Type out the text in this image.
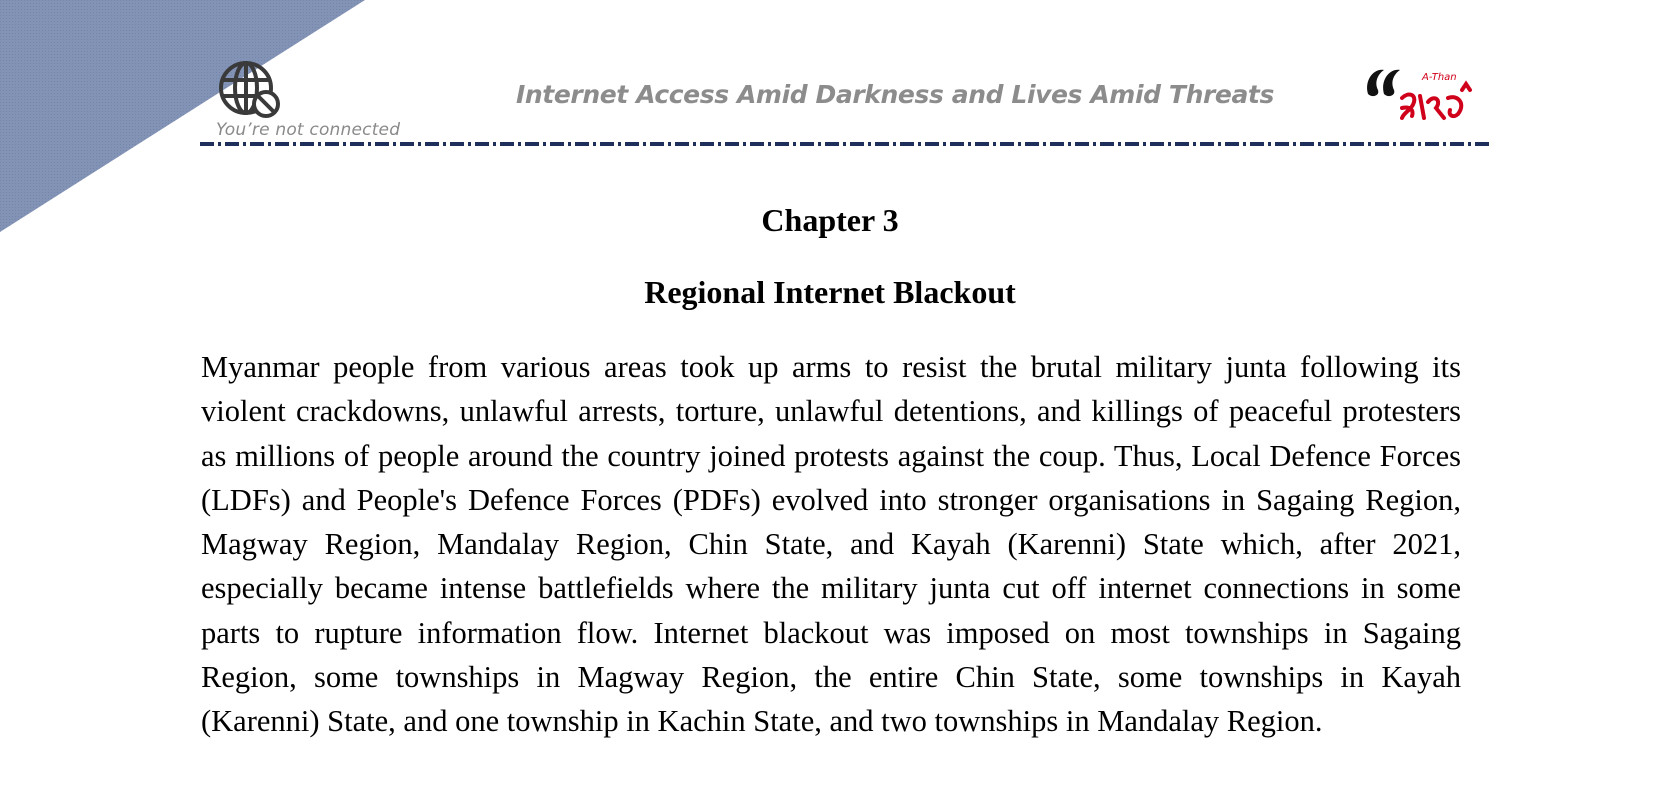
You’re not connected
Internet Access Amid Darkness and Lives Amid Threats
A-Than
Chapter 3
Regional Internet Blackout

Myanmar people from various areas took up arms to resist the brutal military junta following its violent crackdowns, unlawful arrests, torture, unlawful detentions, and killings of peaceful protesters as millions of people around the country joined protests against the coup. Thus, Local Defence Forces (LDFs) and People's Defence Forces (PDFs) evolved into stronger organisations in Sagaing Region, Magway Region, Mandalay Region, Chin State, and Kayah (Karenni) State which, after 2021, especially became intense battlefields where the military junta cut off internet connections in some parts to rupture information flow. Internet blackout was imposed on most townships in Sagaing Region, some townships in Magway Region, the entire Chin State, some townships in Kayah (Karenni) State, and one township in Kachin State, and two townships in Mandalay Region.
